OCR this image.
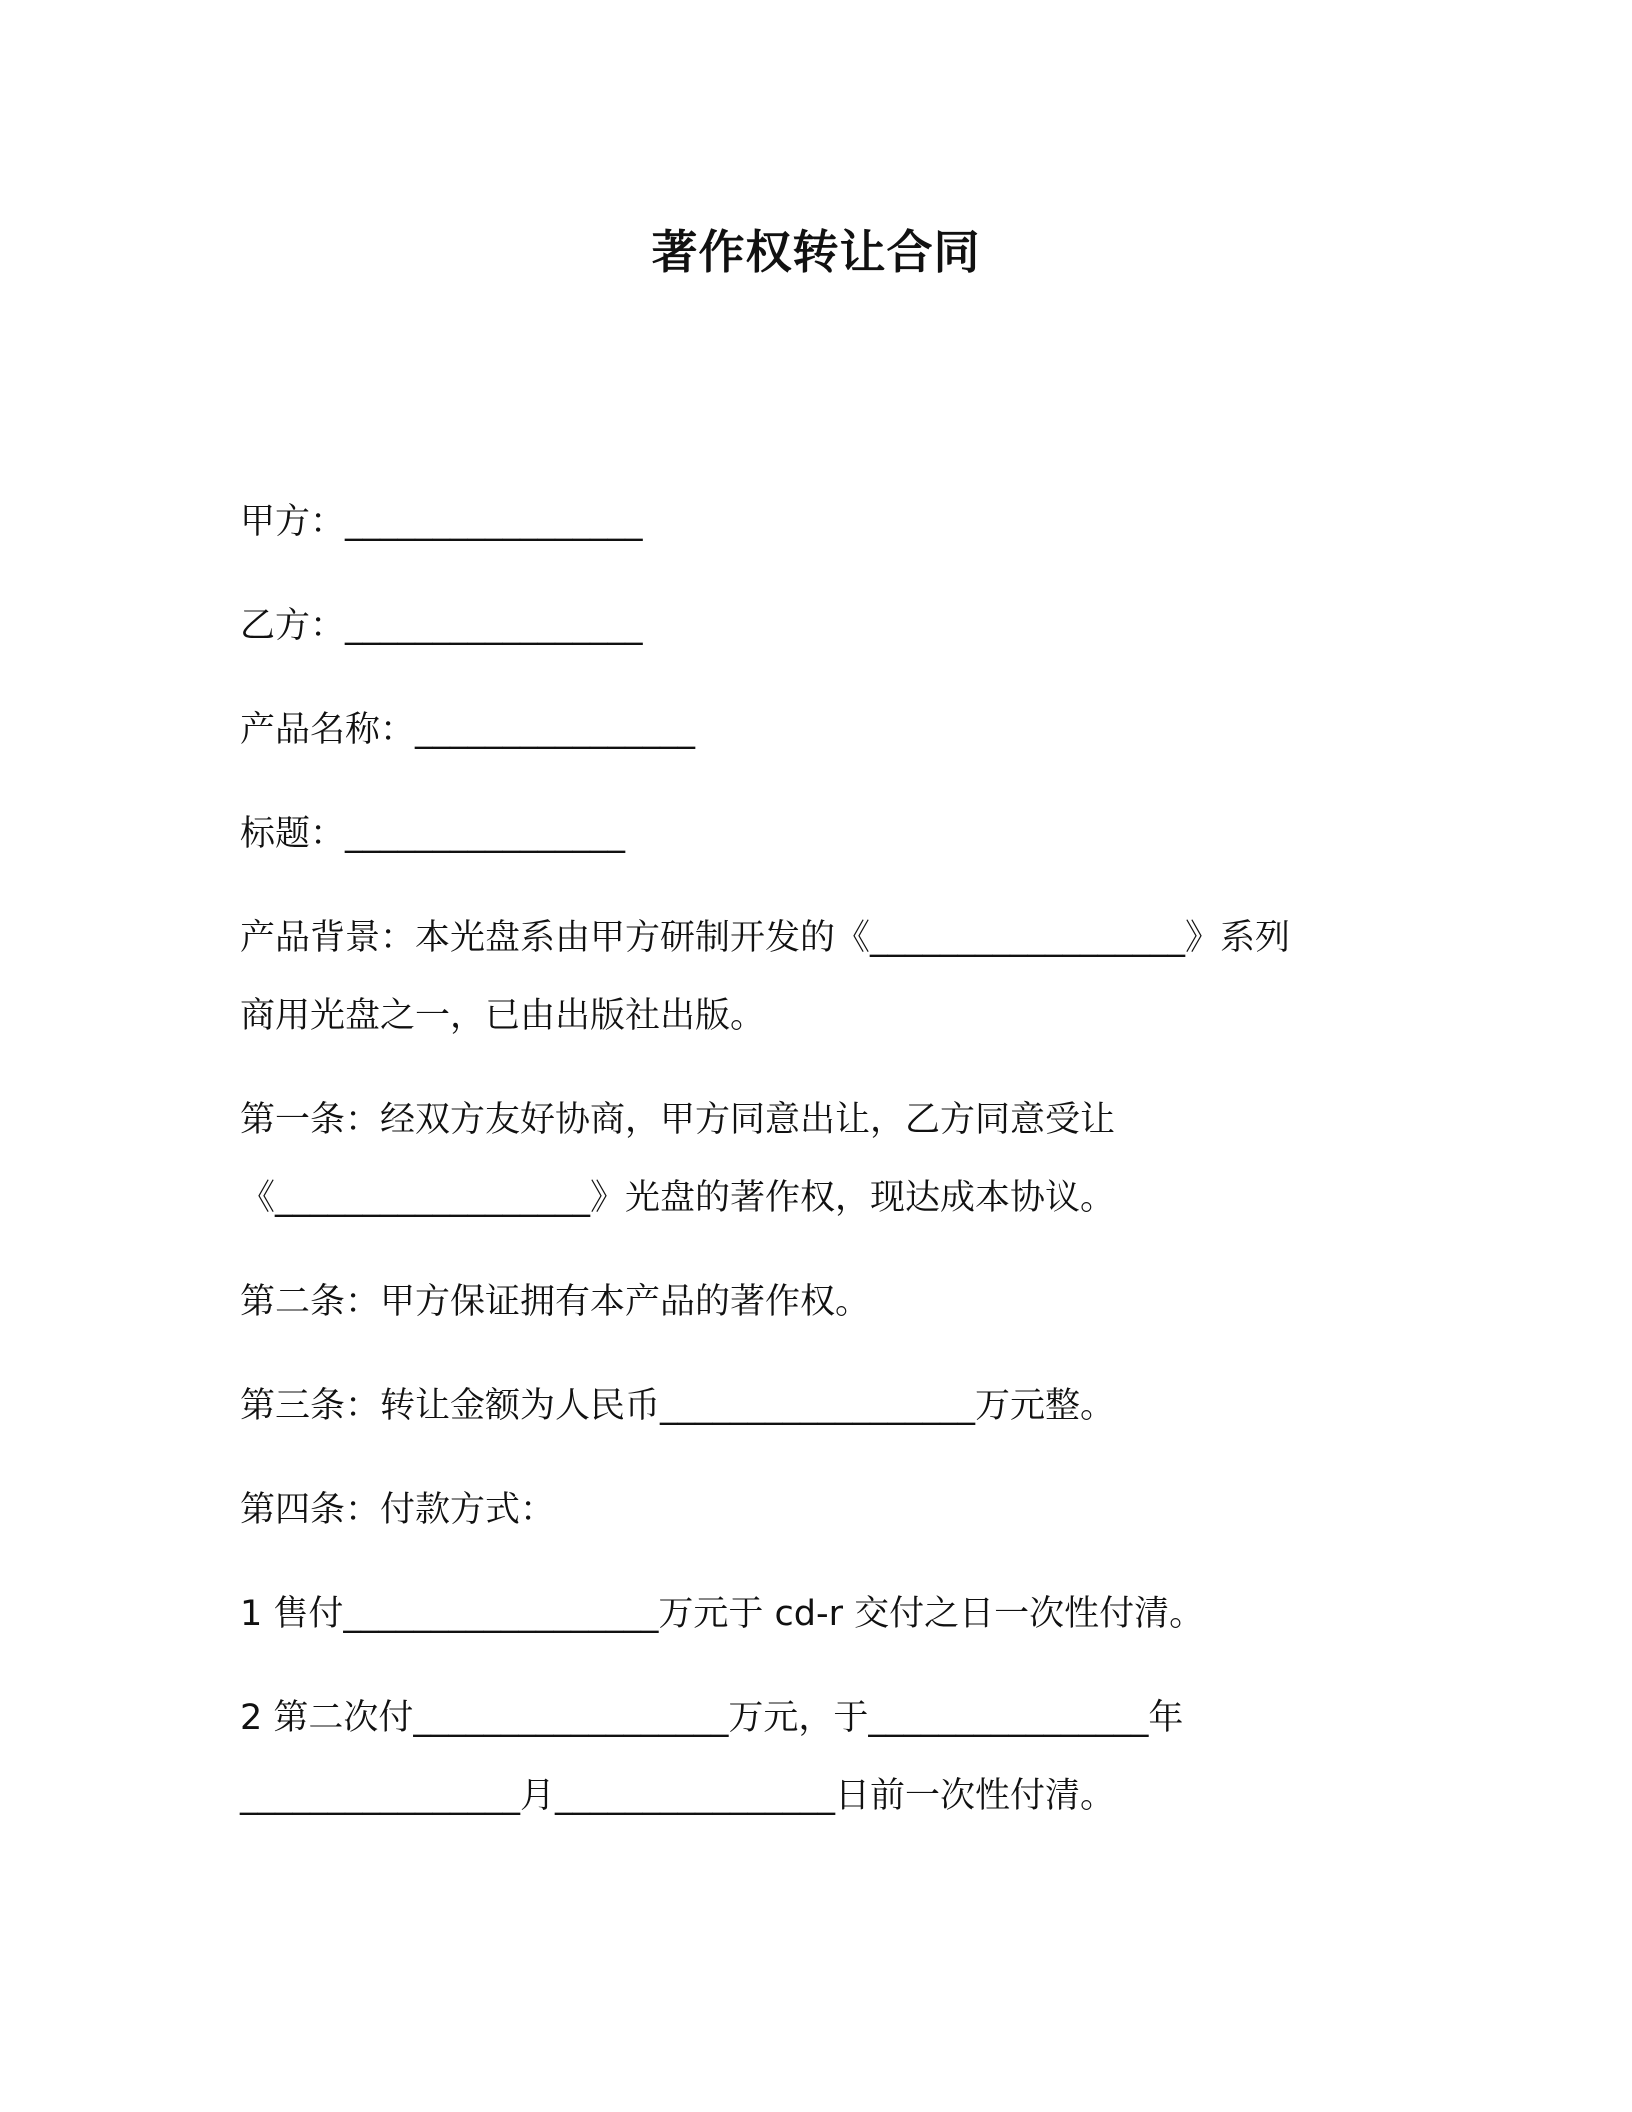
著作权转让合同
甲方：_________________
乙方：_________________
产品名称：________________
标题：________________
产品背景：本光盘系由甲方研制开发的《__________________》系列
商用光盘之一，已由出版社出版。
第一条：经双方友好协商，甲方同意出让，乙方同意受让
《__________________》光盘的著作权，现达成本协议。
第二条：甲方保证拥有本产品的著作权。
第三条：转让金额为人民币__________________万元整。
第四条：付款方式：
1 售付__________________万元于 cd-r 交付之日一次性付清。
2 第二次付__________________万元，于________________年
________________月________________日前一次性付清。
